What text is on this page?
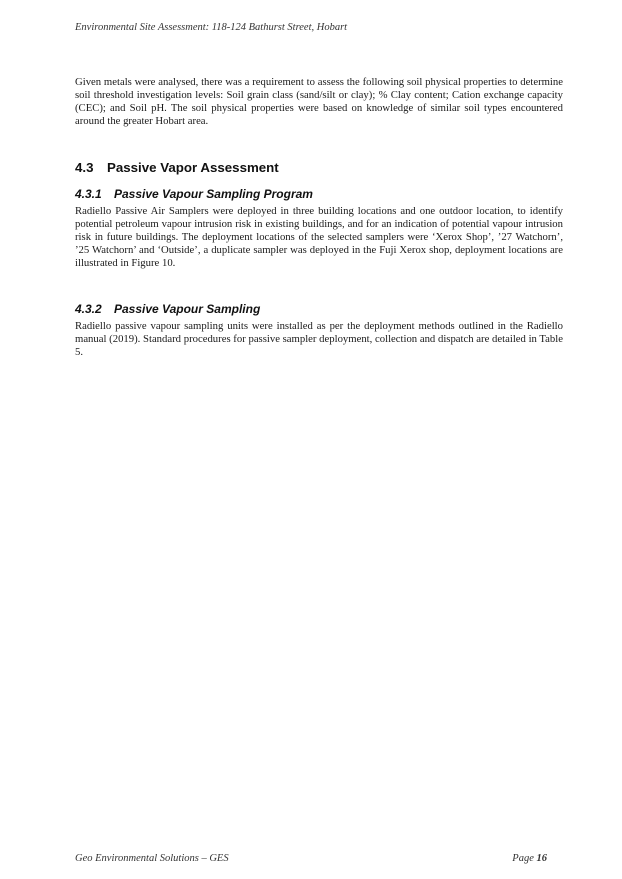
Environmental Site Assessment: 118-124 Bathurst Street, Hobart

Given metals were analysed, there was a requirement to assess the following soil physical properties to determine soil threshold investigation levels: Soil grain class (sand/silt or clay); % Clay content; Cation exchange capacity (CEC); and Soil pH. The soil physical properties were based on knowledge of similar soil types encountered around the greater Hobart area.

4.3 Passive Vapor Assessment
4.3.1 Passive Vapour Sampling Program

Radiello Passive Air Samplers were deployed in three building locations and one outdoor location, to identify potential petroleum vapour intrusion risk in existing buildings, and for an indication of potential vapour intrusion risk in future buildings. The deployment locations of the selected samplers were ‘Xerox Shop’, ’27 Watchorn’, ’25 Watchorn’ and ‘Outside’, a duplicate sampler was deployed in the Fuji Xerox shop, deployment locations are illustrated in Figure 10.

4.3.2 Passive Vapour Sampling

Radiello passive vapour sampling units were installed as per the deployment methods outlined in the Radiello manual (2019). Standard procedures for passive sampler deployment, collection and dispatch are detailed in Table 5.

Geo Environmental Solutions – GES	Page 16
